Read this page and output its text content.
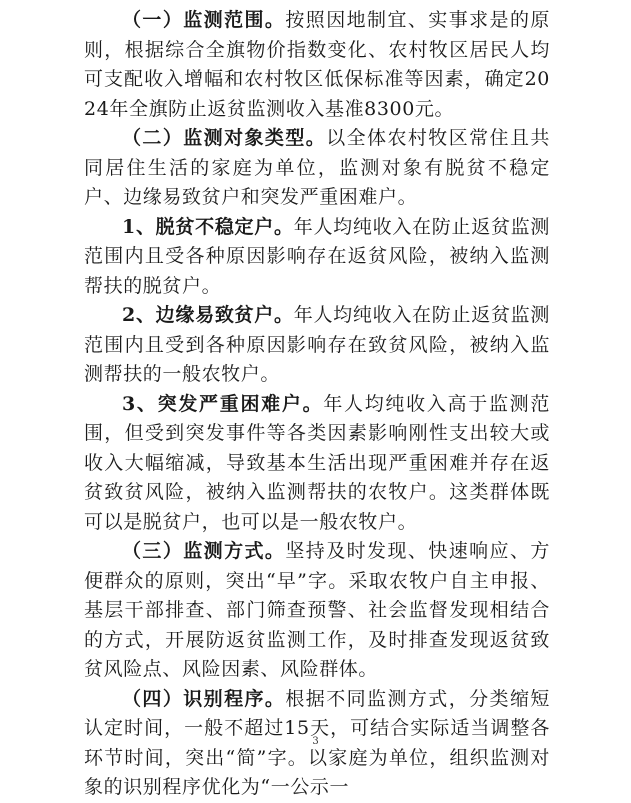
（一）监测范围。按照因地制宜、实事求是的原则，根据综合全旗物价指数变化、农村牧区居民人均可支配收入增幅和农村牧区低保标准等因素，确定2024年全旗防止返贫监测收入基准8300元。

（二）监测对象类型。以全体农村牧区常住且共同居住生活的家庭为单位，监测对象有脱贫不稳定户、边缘易致贫户和突发严重困难户。

1、脱贫不稳定户。年人均纯收入在防止返贫监测范围内且受各种原因影响存在返贫风险，被纳入监测帮扶的脱贫户。

2、边缘易致贫户。年人均纯收入在防止返贫监测范围内且受到各种原因影响存在致贫风险，被纳入监测帮扶的一般农牧户。

3、突发严重困难户。年人均纯收入高于监测范围，但受到突发事件等各类因素影响刚性支出较大或收入大幅缩减，导致基本生活出现严重困难并存在返贫致贫风险，被纳入监测帮扶的农牧户。这类群体既可以是脱贫户，也可以是一般农牧户。

（三）监测方式。坚持及时发现、快速响应、方便群众的原则，突出“早”字。采取农牧户自主申报、基层干部排查、部门筛查预警、社会监督发现相结合的方式，开展防返贫监测工作，及时排查发现返贫致贫风险点、风险因素、风险群体。

（四）识别程序。根据不同监测方式，分类缩短认定时间，一般不超过15天，可结合实际适当调整各环节时间，突出“简”字。以家庭为单位，组织监测对象的识别程序优化为“一公示一

3
